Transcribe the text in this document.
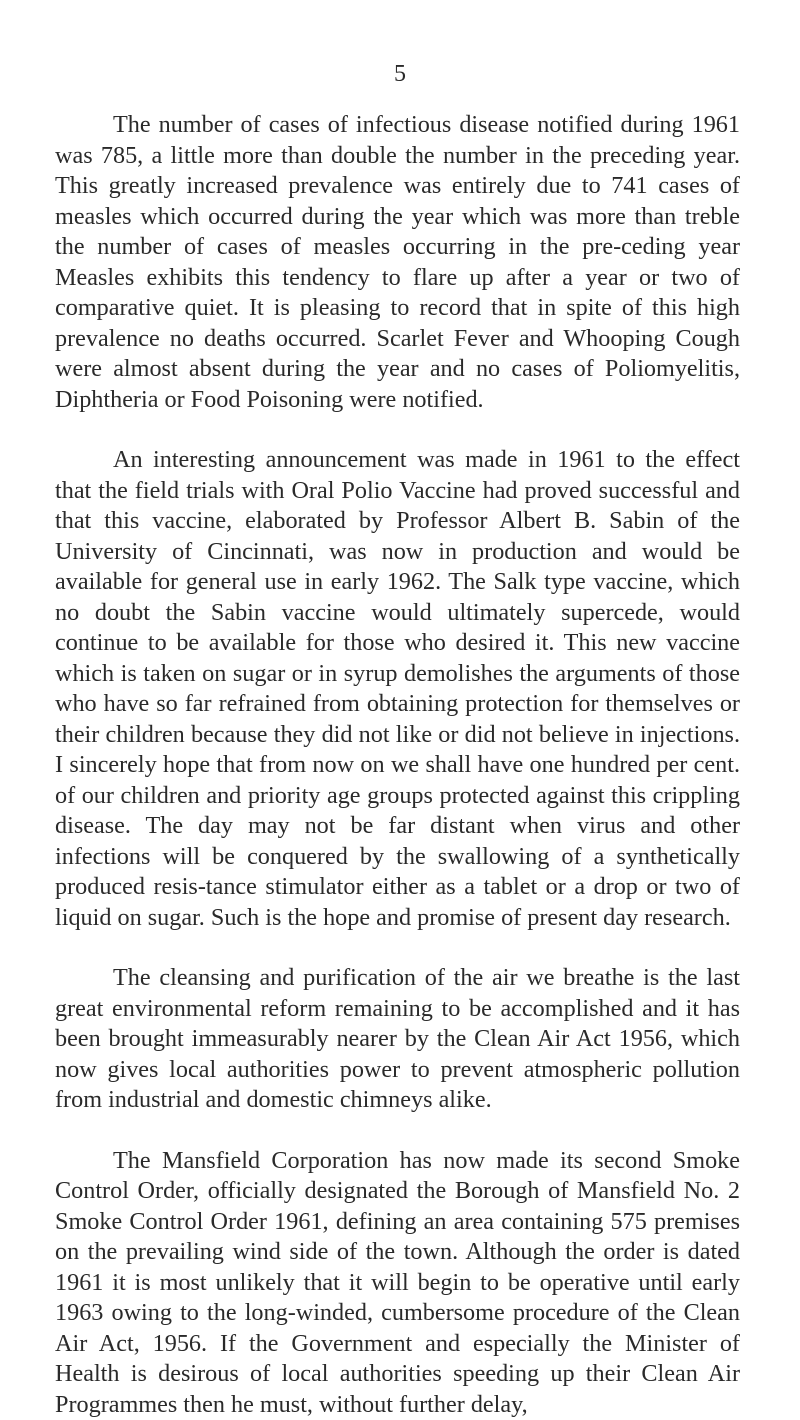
5

The number of cases of infectious disease notified during 1961 was 785, a little more than double the number in the preceding year. This greatly increased prevalence was entirely due to 741 cases of measles which occurred during the year which was more than treble the number of cases of measles occurring in the pre-ceding year Measles exhibits this tendency to flare up after a year or two of comparative quiet. It is pleasing to record that in spite of this high prevalence no deaths occurred. Scarlet Fever and Whooping Cough were almost absent during the year and no cases of Poliomyelitis, Diphtheria or Food Poisoning were notified.

An interesting announcement was made in 1961 to the effect that the field trials with Oral Polio Vaccine had proved successful and that this vaccine, elaborated by Professor Albert B. Sabin of the University of Cincinnati, was now in production and would be available for general use in early 1962. The Salk type vaccine, which no doubt the Sabin vaccine would ultimately supercede, would continue to be available for those who desired it. This new vaccine which is taken on sugar or in syrup demolishes the arguments of those who have so far refrained from obtaining protection for themselves or their children because they did not like or did not believe in injections. I sincerely hope that from now on we shall have one hundred per cent. of our children and priority age groups protected against this crippling disease. The day may not be far distant when virus and other infections will be conquered by the swallowing of a synthetically produced resis-tance stimulator either as a tablet or a drop or two of liquid on sugar. Such is the hope and promise of present day research.

The cleansing and purification of the air we breathe is the last great environmental reform remaining to be accomplished and it has been brought immeasurably nearer by the Clean Air Act 1956, which now gives local authorities power to prevent atmospheric pollution from industrial and domestic chimneys alike.

The Mansfield Corporation has now made its second Smoke Control Order, officially designated the Borough of Mansfield No. 2 Smoke Control Order 1961, defining an area containing 575 premises on the prevailing wind side of the town. Although the order is dated 1961 it is most unlikely that it will begin to be operative until early 1963 owing to the long-winded, cumbersome procedure of the Clean Air Act, 1956. If the Government and especially the Minister of Health is desirous of local authorities speeding up their Clean Air Programmes then he must, without further delay,
